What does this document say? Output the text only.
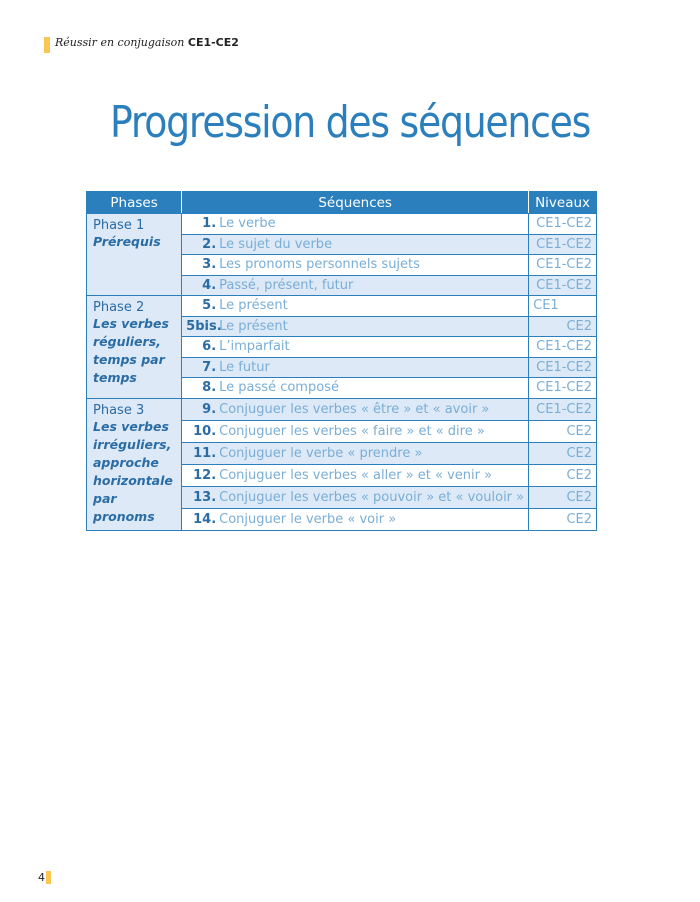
Réussir en conjugaison CE1-CE2
Progression des séquences
Phases	Séquences	Niveaux

Phase 1
Prérequis	1. Le verbe	CE1-CE2
	2. Le sujet du verbe	CE1-CE2
	3. Les pronoms personnels sujets	CE1-CE2
	4. Passé, présent, futur	CE1-CE2

Phase 2
Les verbes réguliers, temps par temps	5. Le présent	CE1
	5bis.Le présent	CE2
	6. L’imparfait	CE1-CE2
	7. Le futur	CE1-CE2
	8. Le passé composé	CE1-CE2

Phase 3
Les verbes irréguliers, approche horizontale par pronoms	9. Conjuguer les verbes « être » et « avoir »	CE1-CE2
	10. Conjuguer les verbes « faire » et « dire »	CE2
	11. Conjuguer le verbe « prendre »	CE2
	12. Conjuguer les verbes « aller » et « venir »	CE2
	13. Conjuguer les verbes « pouvoir » et « vouloir »	CE2
	14. Conjuguer le verbe « voir »	CE2
4
